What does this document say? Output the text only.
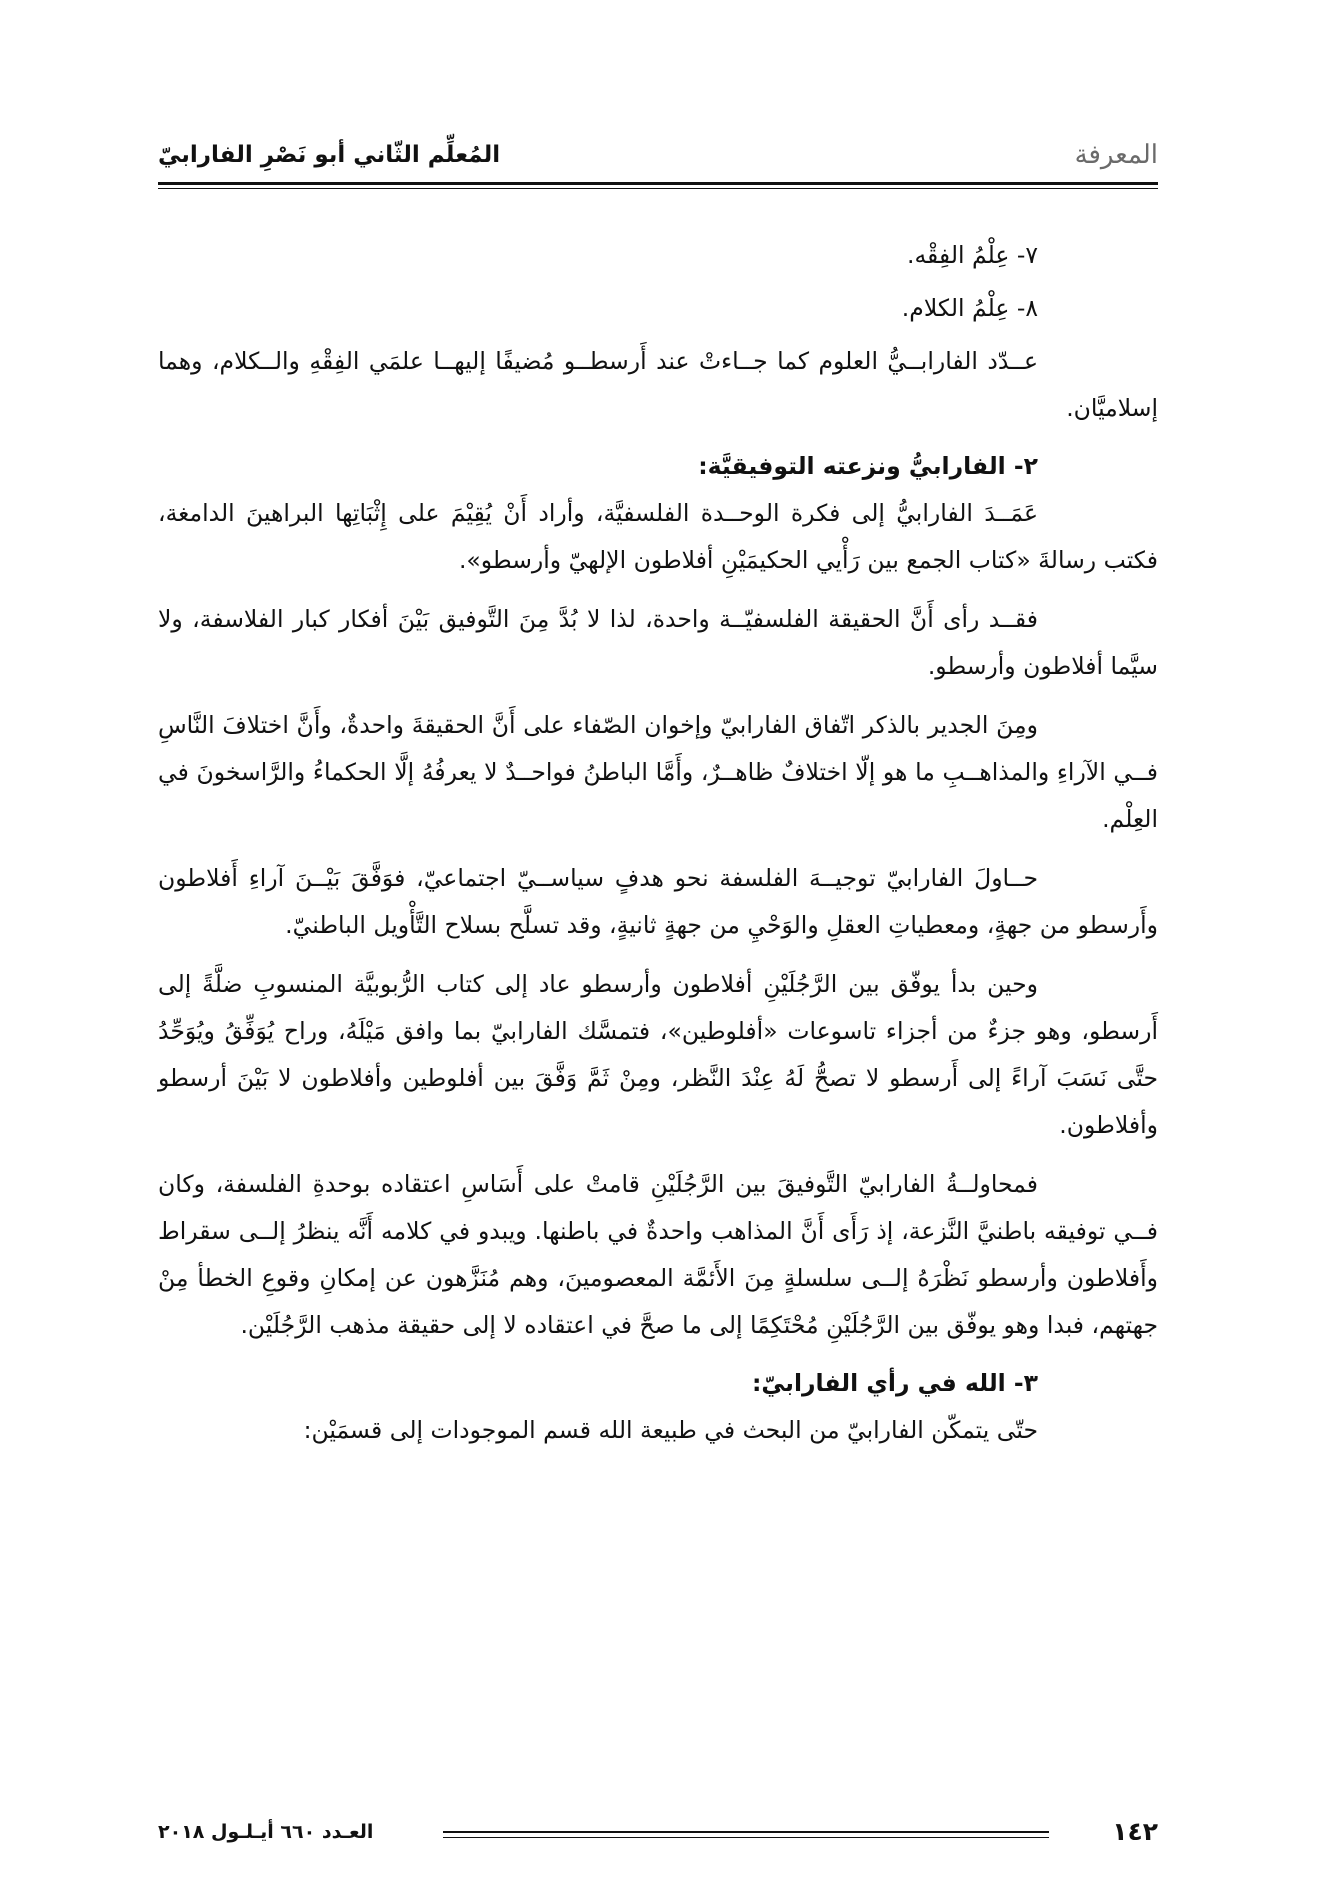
المعرفة
المُعلِّم الثّاني أبو نَصْرِ الفارابيّ

٧- عِلْمُ الفِقْه.

٨- عِلْمُ الكلام.

عــدّد الفارابــيُّ العلوم كما جــاءتْ عند أَرسطــو مُضيفًا إليهــا علمَي الفِقْهِ والــكلام، وهما إسلاميَّان.

٢- الفارابيُّ ونزعته التوفيقيَّة:

عَمَــدَ الفارابيُّ إلى فكرة الوحــدة الفلسفيَّة، وأراد أَنْ يُقِيْمَ على إِثْبَاتِها البراهينَ الدامغة، فكتب رسالةَ «كتاب الجمع بين رَأْيي الحكيمَيْنِ أفلاطون الإلهيّ وأرسطو».

فقــد رأى أَنَّ الحقيقة الفلسفيّــة واحدة، لذا لا بُدَّ مِنَ التَّوفيق بَيْنَ أفكار كبار الفلاسفة، ولا سيَّما أفلاطون وأرسطو.

ومِنَ الجدير بالذكر اتّفاق الفارابيّ وإخوان الصّفاء على أَنَّ الحقيقةَ واحدةٌ، وأَنَّ اختلافَ النَّاسِ فــي الآراءِ والمذاهــبِ ما هو إلّا اختلافٌ ظاهــرٌ، وأَمَّا الباطنُ فواحــدٌ لا يعرفُهُ إلَّا الحكماءُ والرَّاسخونَ في العِلْم.

حــاولَ الفارابيّ توجيــهَ الفلسفة نحو هدفٍ سياســيّ اجتماعيّ، فوَفَّقَ بَيْــنَ آراءِ أَفلاطون وأَرسطو من جهةٍ، ومعطياتِ العقلِ والوَحْيِ من جهةٍ ثانيةٍ، وقد تسلَّح بسلاح التَّأْويل الباطنيّ.

وحين بدأ يوفّق بين الرَّجُلَيْنِ أفلاطون وأرسطو عاد إلى كتاب الرُّبوبيَّة المنسوبِ ضلَّةً إلى أَرسطو، وهو جزءٌ من أجزاء تاسوعات «أفلوطين»، فتمسَّك الفارابيّ بما وافق مَيْلَهُ، وراح يُوَفِّقُ ويُوَحِّدُ حتَّى نَسَبَ آراءً إلى أَرسطو لا تصحُّ لَهُ عِنْدَ النَّظر، ومِنْ ثَمَّ وَفَّقَ بين أفلوطين وأفلاطون لا بَيْنَ أرسطو وأفلاطون.

فمحاولــةُ الفارابيّ التَّوفيقَ بين الرَّجُلَيْنِ قامتْ على أَسَاسِ اعتقاده بوحدةِ الفلسفة، وكان فــي توفيقه باطنيَّ النَّزعة، إذ رَأَى أَنَّ المذاهب واحدةٌ في باطنها. ويبدو في كلامه أَنَّه ينظرُ إلــى سقراط وأَفلاطون وأرسطو نَظْرَهُ إلــى سلسلةٍ مِنَ الأَئمَّة المعصومينَ، وهم مُنَزَّهون عن إمكانِ وقوعِ الخطأ مِنْ جهتهم، فبدا وهو يوفّق بين الرَّجُلَيْنِ مُحْتَكِمًا إلى ما صحَّ في اعتقاده لا إلى حقيقة مذهب الرَّجُلَيْن.

٣- الله في رأي الفارابيّ:

حتّى يتمكّن الفارابيّ من البحث في طبيعة الله قسم الموجودات إلى قسمَيْن:

١٤٢
العـدد ٦٦٠ أيـلـول ٢٠١٨
